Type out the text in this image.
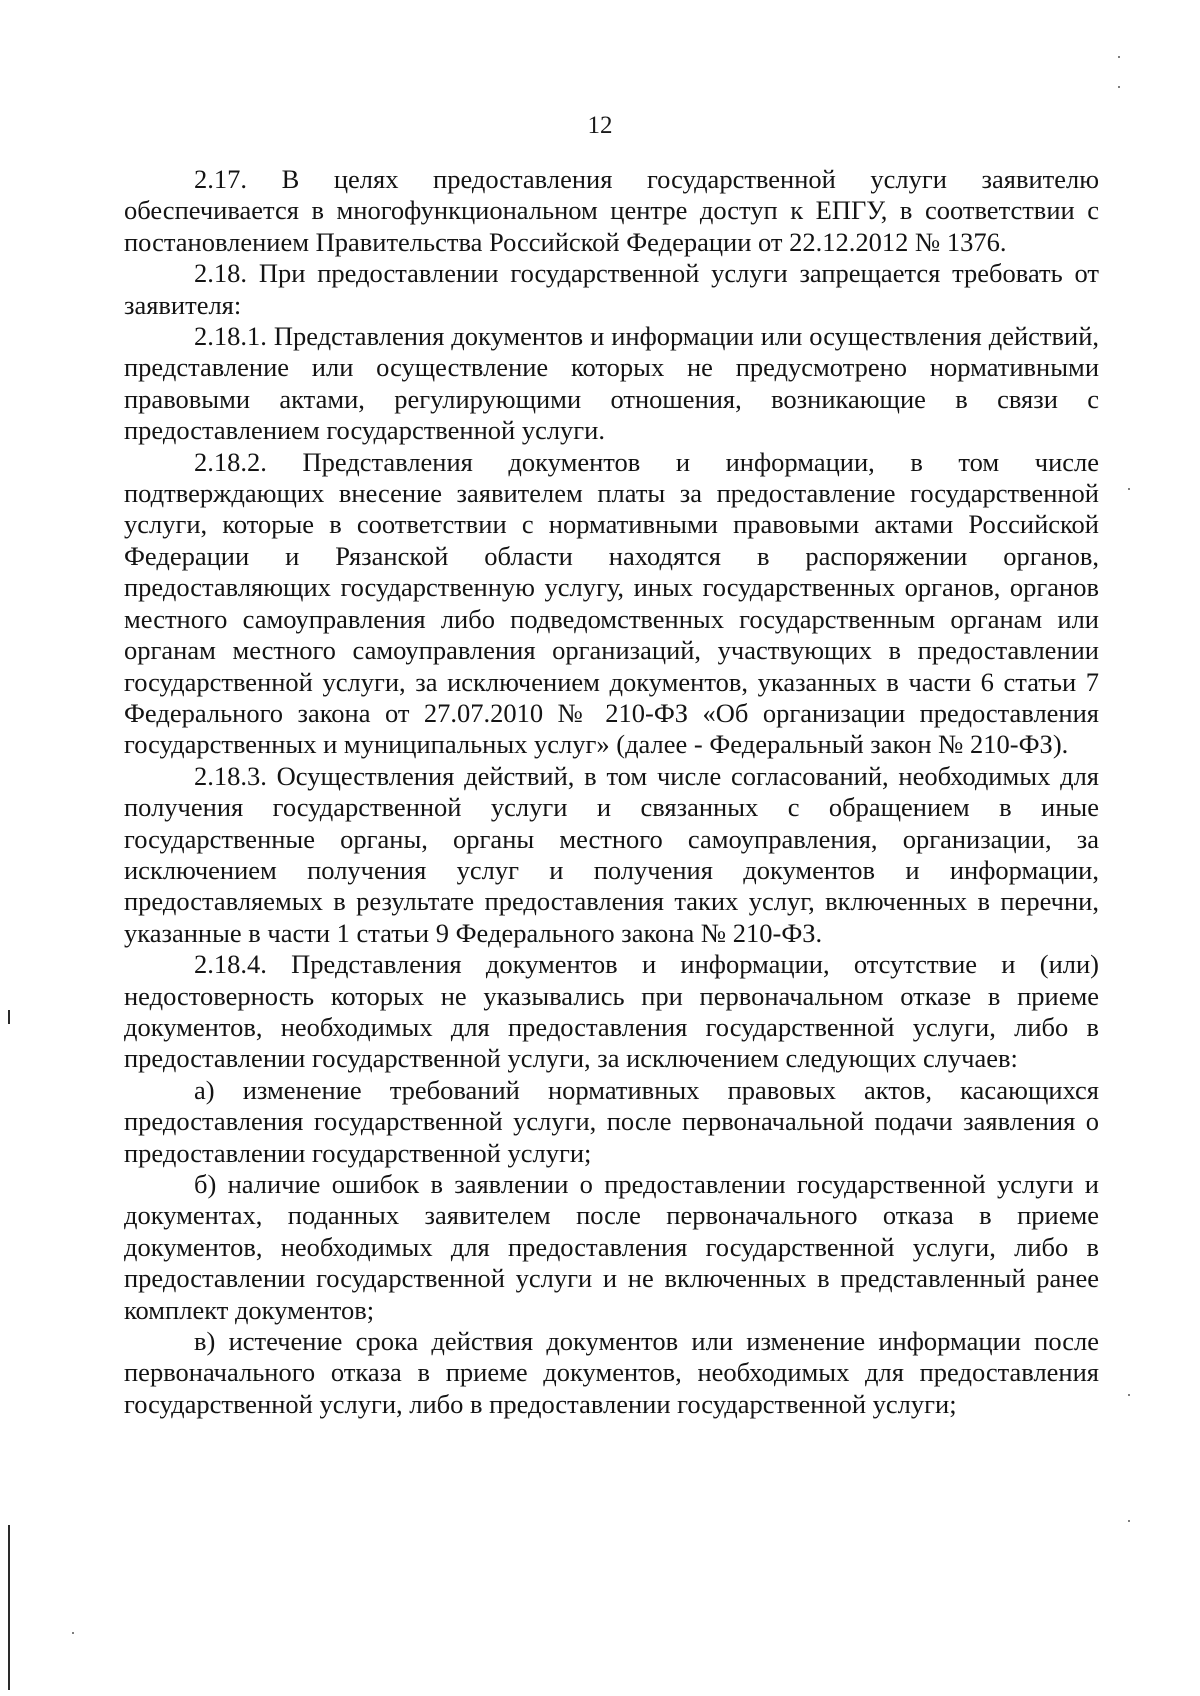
12

2.17. В целях предоставления государственной услуги заявителю обеспечивается в многофункциональном центре доступ к ЕПГУ, в соответствии с постановлением Правительства Российской Федерации от 22.12.2012 № 1376.

2.18. При предоставлении государственной услуги запрещается требовать от заявителя:

2.18.1. Представления документов и информации или осуществления действий, представление или осуществление которых не предусмотрено нормативными правовыми актами, регулирующими отношения, возникающие в связи с предоставлением государственной услуги.

2.18.2. Представления документов и информации, в том числе подтверждающих внесение заявителем платы за предоставление государственной услуги, которые в соответствии с нормативными правовыми актами Российской Федерации и Рязанской области находятся в распоряжении органов, предоставляющих государственную услугу, иных государственных органов, органов местного самоуправления либо подведомственных государственным органам или органам местного самоуправления организаций, участвующих в предоставлении государственной услуги, за исключением документов, указанных в части 6 статьи 7 Федерального закона от 27.07.2010 № 210-ФЗ «Об организации предоставления государственных и муниципальных услуг» (далее - Федеральный закон № 210-ФЗ).

2.18.3. Осуществления действий, в том числе согласований, необходимых для получения государственной услуги и связанных с обращением в иные государственные органы, органы местного самоуправления, организации, за исключением получения услуг и получения документов и информации, предоставляемых в результате предоставления таких услуг, включенных в перечни, указанные в части 1 статьи 9 Федерального закона № 210-ФЗ.

2.18.4. Представления документов и информации, отсутствие и (или) недостоверность которых не указывались при первоначальном отказе в приеме документов, необходимых для предоставления государственной услуги, либо в предоставлении государственной услуги, за исключением следующих случаев:

а) изменение требований нормативных правовых актов, касающихся предоставления государственной услуги, после первоначальной подачи заявления о предоставлении государственной услуги;

б) наличие ошибок в заявлении о предоставлении государственной услуги и документах, поданных заявителем после первоначального отказа в приеме документов, необходимых для предоставления государственной услуги, либо в предоставлении государственной услуги и не включенных в представленный ранее комплект документов;

в) истечение срока действия документов или изменение информации после первоначального отказа в приеме документов, необходимых для предоставления государственной услуги, либо в предоставлении государственной услуги;
